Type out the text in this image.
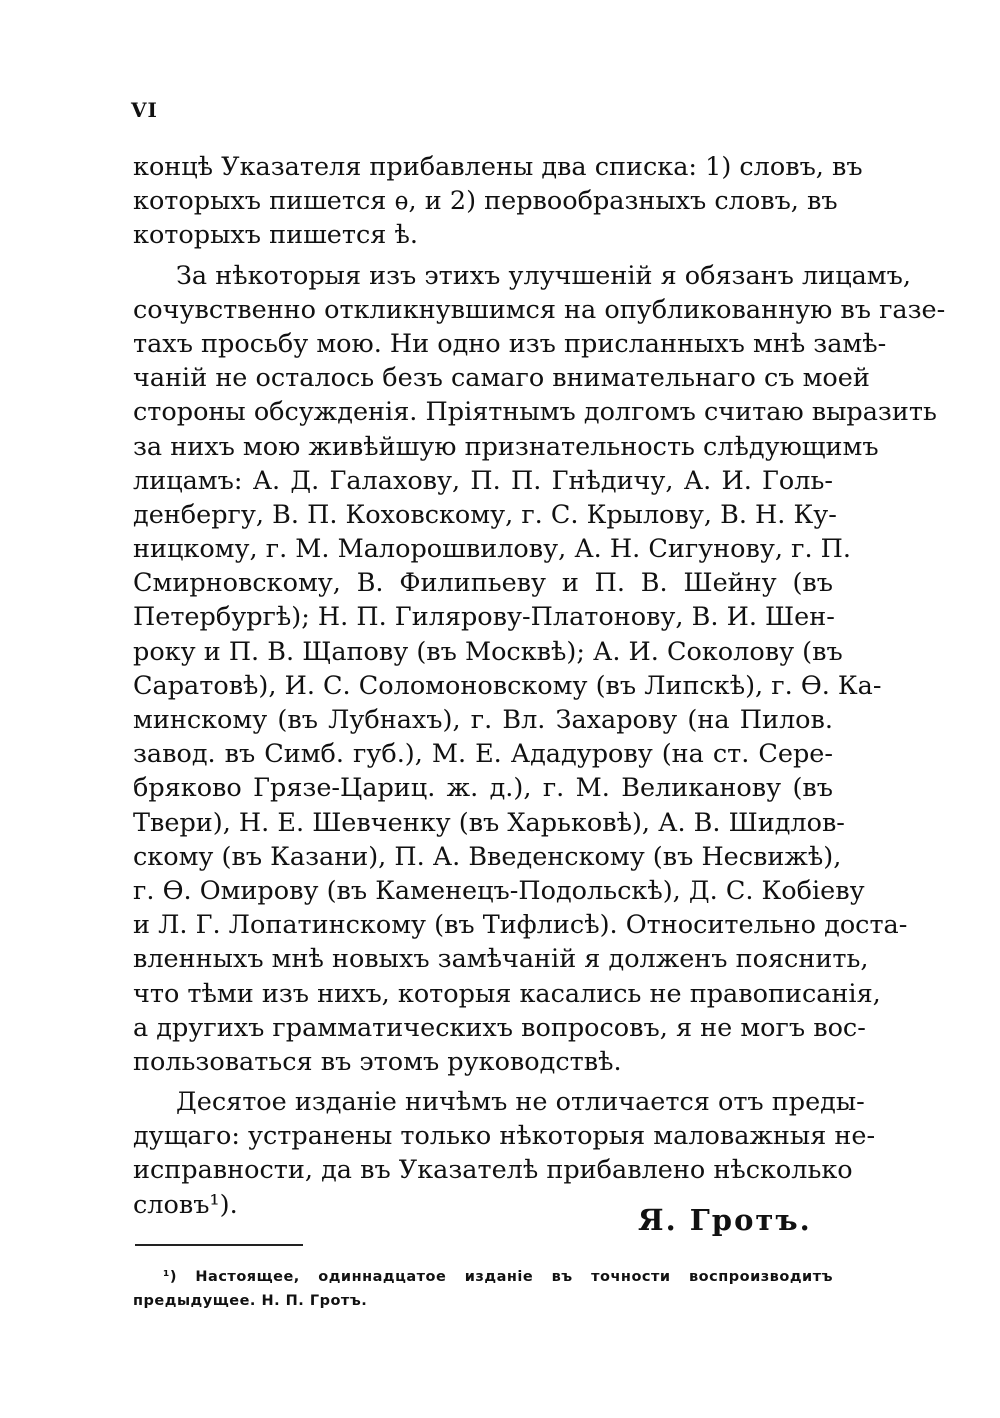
VI
концѣ Указателя прибавлены два списка: 1) словъ, въ
которыхъ пишется ѳ, и 2) первообразныхъ словъ, въ
которыхъ пишется ѣ.
За нѣкоторыя изъ этихъ улучшеній я обязанъ лицамъ,
сочувственно откликнувшимся на опубликованную въ газе-
тахъ просьбу мою. Ни одно изъ присланныхъ мнѣ замѣ-
чаній не осталось безъ самаго внимательнаго съ моей
стороны обсужденія. Пріятнымъ долгомъ считаю выразить
за нихъ мою живѣйшую признательность слѣдующимъ
лицамъ: А. Д. Галахову, П. П. Гнѣдичу, А. И. Голь-
денбергу, В. П. Коховскому, г. С. Крылову, В. Н. Ку-
ницкому, г. М. Малорошвилову, А. Н. Сигунову, г. П.
Смирновскому, В. Филипьеву и П. В. Шейну (въ
Петербургѣ); Н. П. Гилярову-Платонову, В. И. Шен-
року и П. В. Щапову (въ Москвѣ); А. И. Соколову (въ
Саратовѣ), И. С. Соломоновскому (въ Липскѣ), г. Ѳ. Ка-
минскому (въ Лубнахъ), г. Вл. Захарову (на Пилов.
завод. въ Симб. губ.), М. Е. Ададурову (на ст. Сере-
бряково Грязе-Цариц. ж. д.), г. М. Великанову (въ
Твери), Н. Е. Шевченку (въ Харьковѣ), А. В. Шидлов-
скому (въ Казани), П. А. Введенскому (въ Несвижѣ),
г. Ѳ. Омирову (въ Каменецъ-Подольскѣ), Д. С. Кобіеву
и Л. Г. Лопатинскому (въ Тифлисѣ). Относительно доста-
вленныхъ мнѣ новыхъ замѣчаній я долженъ пояснить,
что тѣми изъ нихъ, которыя касались не правописанія,
а другихъ грамматическихъ вопросовъ, я не могъ вос-
пользоваться въ этомъ руководствѣ.
Десятое изданіе ничѣмъ не отличается отъ преды-
дущаго: устранены только нѣкоторыя маловажныя не-
исправности, да въ Указателѣ прибавлено нѣсколько
словъ¹).	Я. Гротъ.
¹) Настоящее, одиннадцатое изданіе въ точности воспроизводитъ
предыдущее. Н. П. Гротъ.
